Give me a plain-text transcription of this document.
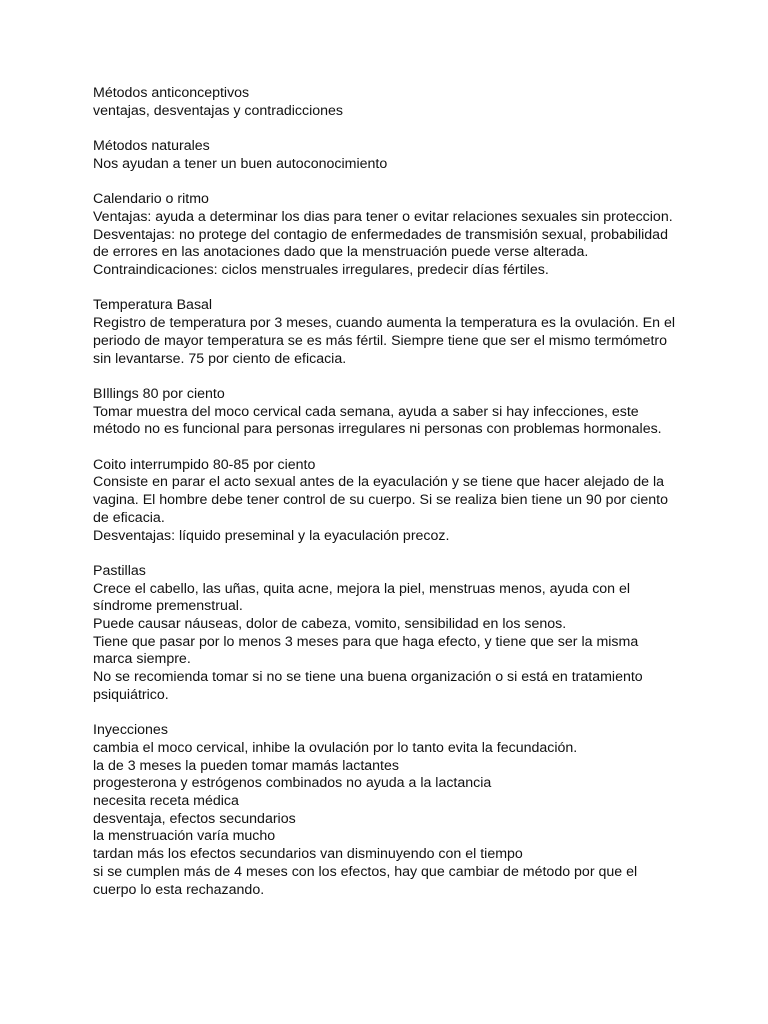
Métodos anticonceptivos
ventajas, desventajas y contradicciones
Métodos naturales
Nos ayudan a tener un buen autoconocimiento
Calendario o ritmo
Ventajas: ayuda a determinar los dias para tener o evitar relaciones sexuales sin proteccion.
Desventajas: no protege del contagio de enfermedades de transmisión sexual, probabilidad
de errores en las anotaciones dado que la menstruación puede verse alterada.
Contraindicaciones: ciclos menstruales irregulares, predecir días fértiles.
Temperatura Basal
Registro de temperatura por 3 meses, cuando aumenta la temperatura es la ovulación. En el
periodo de mayor temperatura se es más fértil. Siempre tiene que ser el mismo termómetro
sin levantarse. 75 por ciento de eficacia.
BIllings 80 por ciento
Tomar muestra del moco cervical cada semana, ayuda a saber si hay infecciones, este
método no es funcional para personas irregulares ni personas con problemas hormonales.
Coito interrumpido 80-85 por ciento
Consiste en parar el acto sexual antes de la eyaculación y se tiene que hacer alejado de la
vagina. El hombre debe tener control de su cuerpo. Si se realiza bien tiene un 90 por ciento
de eficacia.
Desventajas: líquido preseminal y la eyaculación precoz.
Pastillas
Crece el cabello, las uñas, quita acne, mejora la piel, menstruas menos, ayuda con el
síndrome premenstrual.
Puede causar náuseas, dolor de cabeza, vomito, sensibilidad en los senos.
Tiene que pasar por lo menos 3 meses para que haga efecto, y tiene que ser la misma
marca siempre.
No se recomienda tomar si no se tiene una buena organización o si está en tratamiento
psiquiátrico.
Inyecciones
cambia el moco cervical, inhibe la ovulación por lo tanto evita la fecundación.
la de 3 meses la pueden tomar mamás lactantes
progesterona y estrógenos combinados no ayuda a la lactancia
necesita receta médica
desventaja, efectos secundarios
la menstruación varía mucho
tardan más los efectos secundarios van disminuyendo con el tiempo
si se cumplen más de 4 meses con los efectos, hay que cambiar de método por que el
cuerpo lo esta rechazando.
